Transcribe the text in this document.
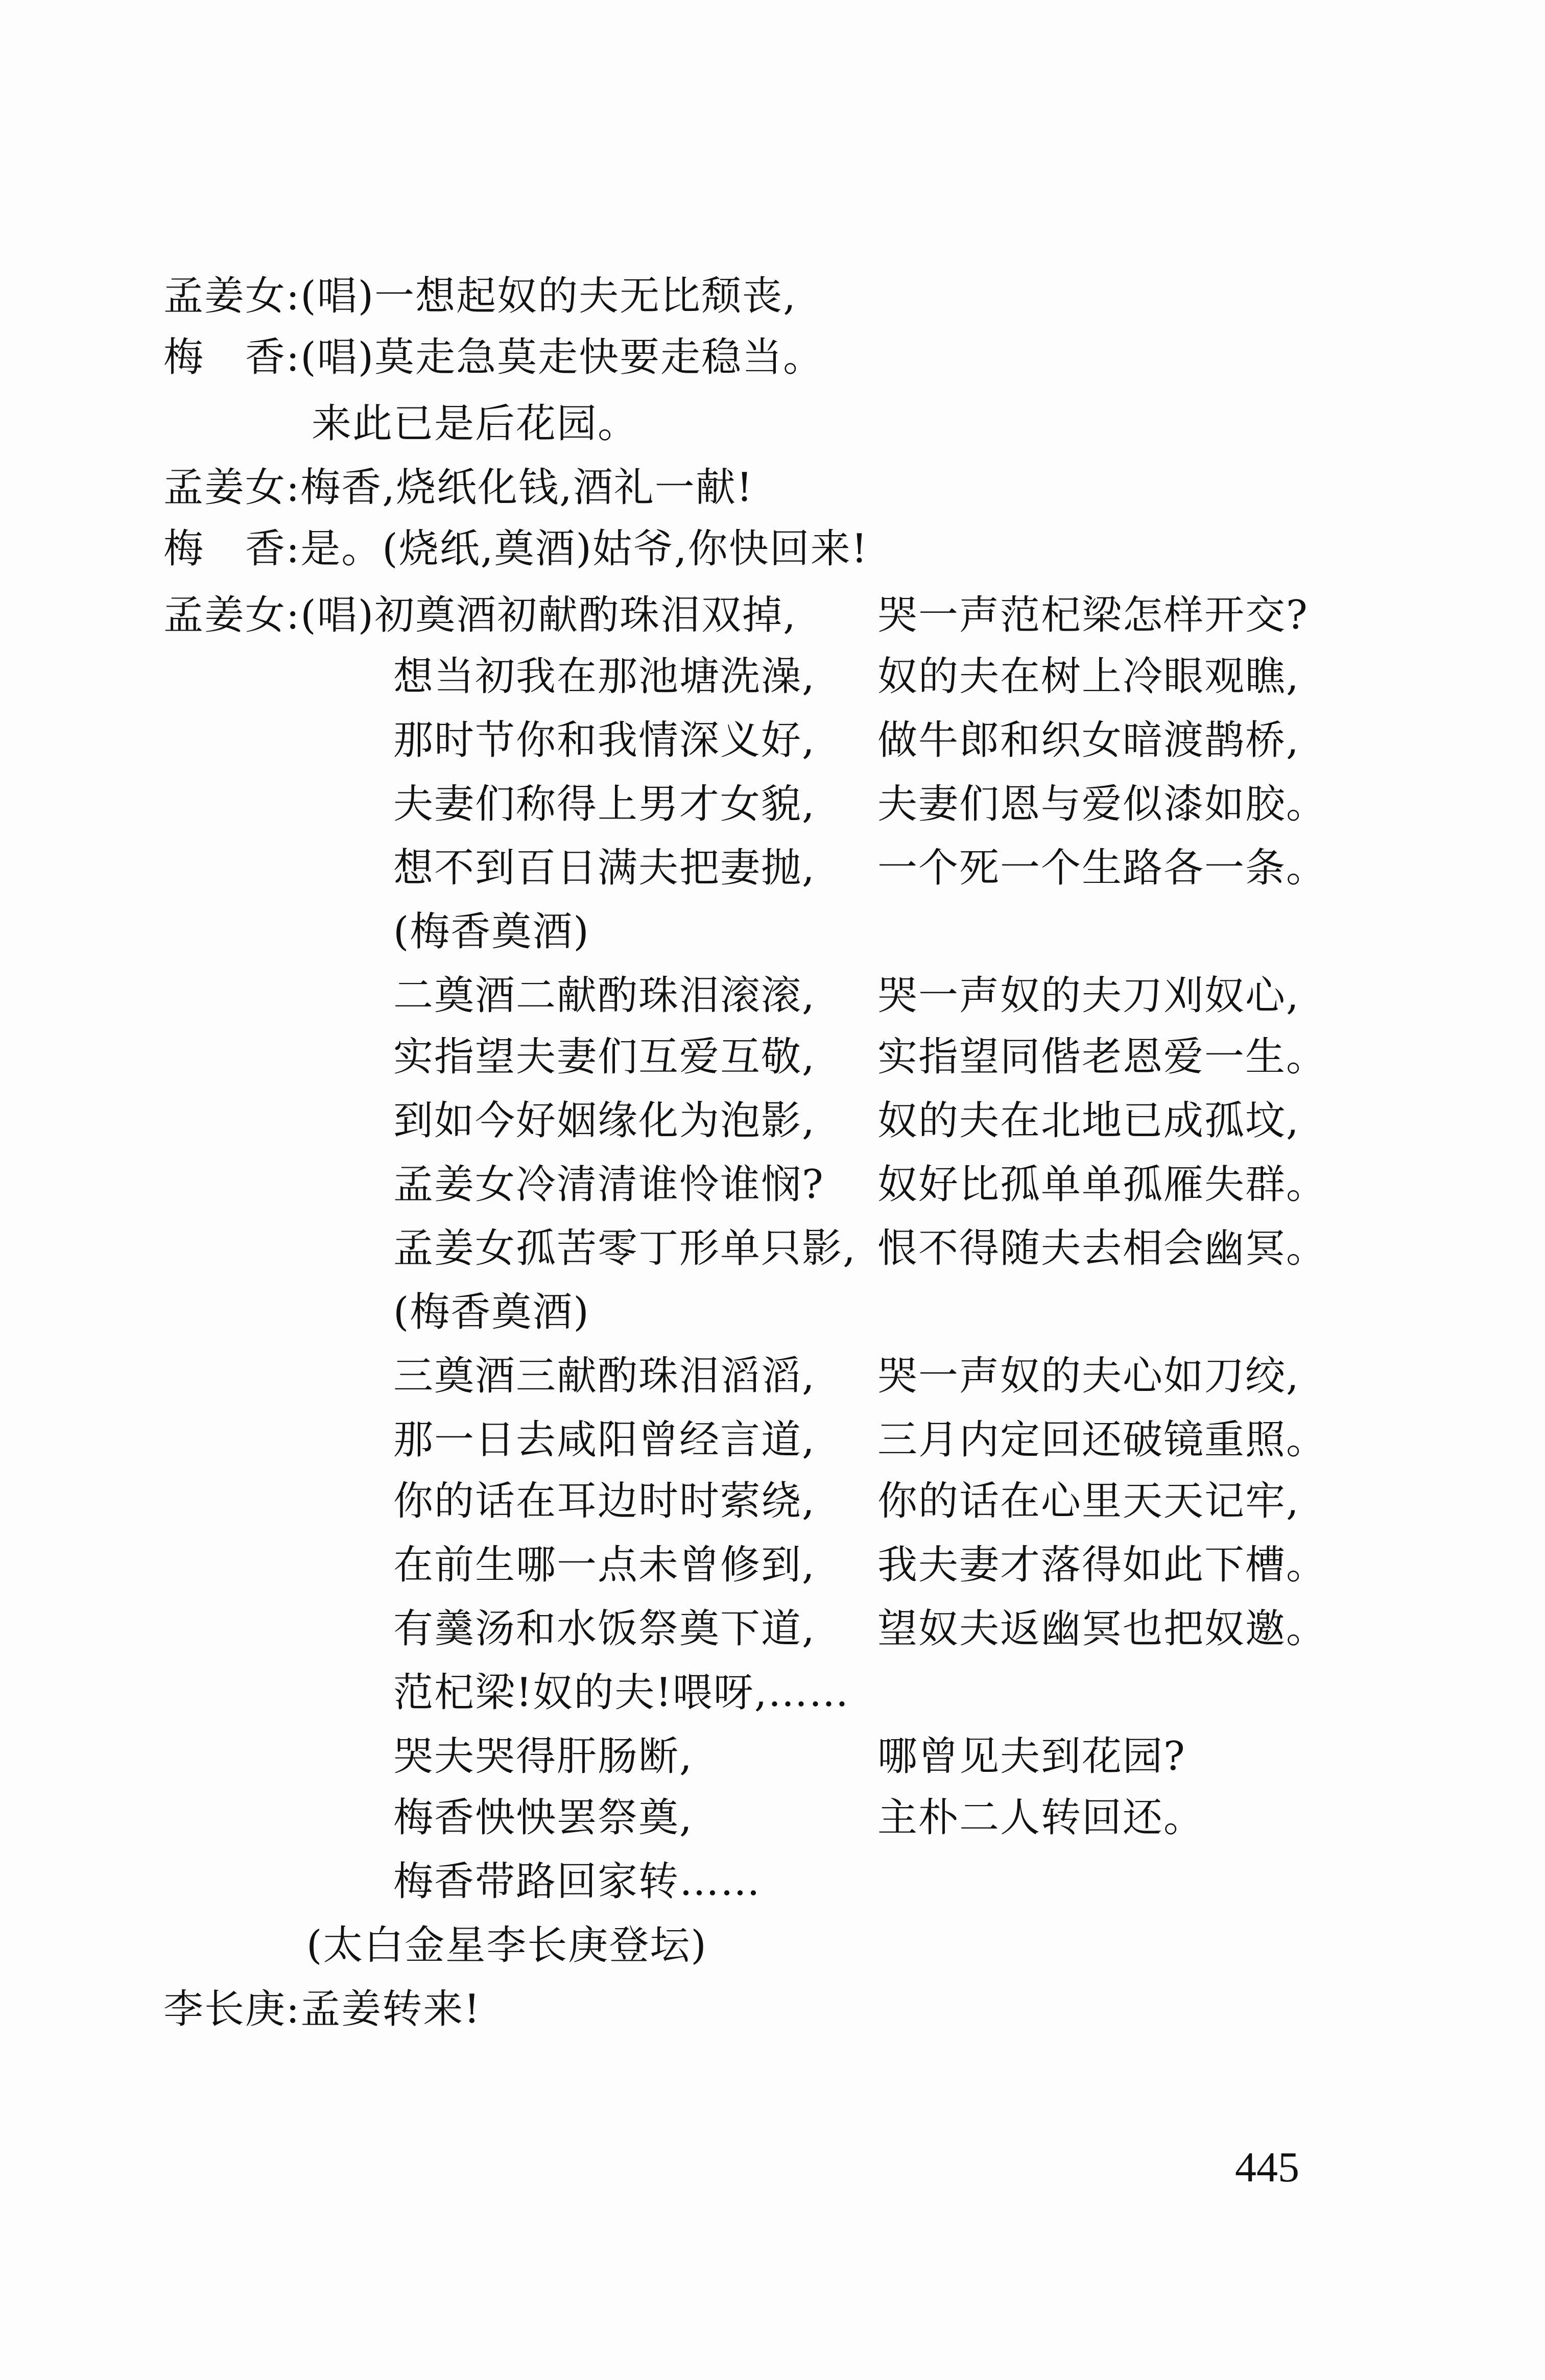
孟姜女:(唱)一想起奴的夫无比颓丧,
梅　香:(唱)莫走急莫走快要走稳当。
来此已是后花园。
孟姜女:梅香,烧纸化钱,酒礼一献!
梅　香:是。(烧纸,奠酒)姑爷,你快回来!
孟姜女:(唱)初奠酒初献酌珠泪双掉, 哭一声范杞梁怎样开交?
想当初我在那池塘洗澡, 奴的夫在树上冷眼观瞧,
那时节你和我情深义好, 做牛郎和织女暗渡鹊桥,
夫妻们称得上男才女貌, 夫妻们恩与爱似漆如胶。
想不到百日满夫把妻抛, 一个死一个生路各一条。
(梅香奠酒)
二奠酒二献酌珠泪滚滚, 哭一声奴的夫刀刈奴心,
实指望夫妻们互爱互敬, 实指望同偕老恩爱一生。
到如今好姻缘化为泡影, 奴的夫在北地已成孤坟,
孟姜女冷清清谁怜谁悯? 奴好比孤单单孤雁失群。
孟姜女孤苦零丁形单只影, 恨不得随夫去相会幽冥。
(梅香奠酒)
三奠酒三献酌珠泪滔滔, 哭一声奴的夫心如刀绞,
那一日去咸阳曾经言道, 三月内定回还破镜重照。
你的话在耳边时时萦绕, 你的话在心里天天记牢,
在前生哪一点未曾修到, 我夫妻才落得如此下槽。
有羹汤和水饭祭奠下道, 望奴夫返幽冥也把奴邀。
范杞梁!奴的夫!喂呀,……
哭夫哭得肝肠断,	哪曾见夫到花园?
梅香怏怏罢祭奠,	主朴二人转回还。
梅香带路回家转……
(太白金星李长庚登坛)
李长庚:孟姜转来!
445
